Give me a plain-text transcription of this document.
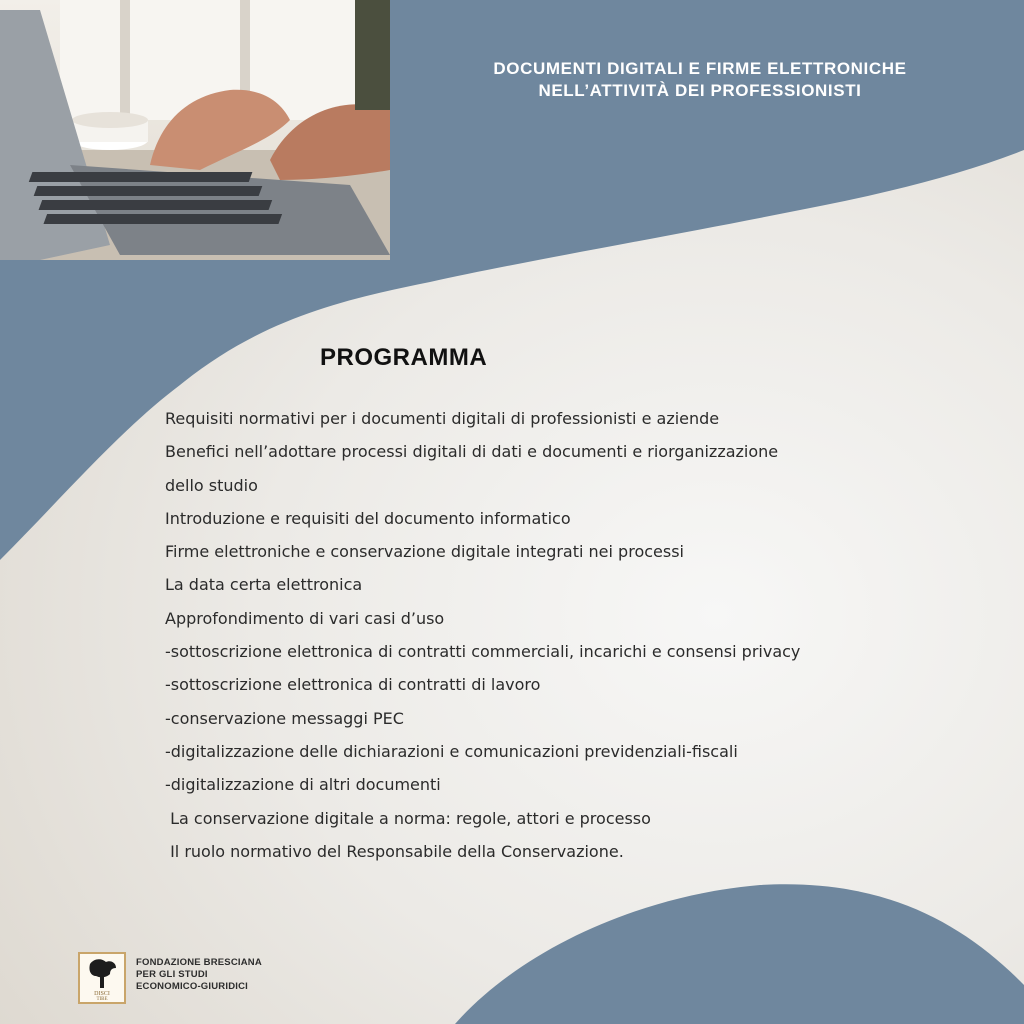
DOCUMENTI DIGITALI E FIRME ELETTRONICHE
NELL’ATTIVITÀ DEI PROFESSIONISTI
PROGRAMMA
Requisiti normativi per i documenti digitali di professionisti e aziende
Benefici nell’adottare processi digitali di dati e documenti e riorganizzazione
dello studio
Introduzione e requisiti del documento informatico
Firme elettroniche e conservazione digitale integrati nei processi
La data certa elettronica
Approfondimento di vari casi d’uso
-sottoscrizione elettronica di contratti commerciali, incarichi e consensi privacy
-sottoscrizione elettronica di contratti di lavoro
-conservazione messaggi PEC
-digitalizzazione delle dichiarazioni e comunicazioni previdenziali-fiscali
-digitalizzazione di altri documenti
La conservazione digitale a norma: regole, attori e processo
Il ruolo normativo del Responsabile della Conservazione.
DISCI
TIBE
FONDAZIONE BRESCIANA
PER GLI STUDI
ECONOMICO-GIURIDICI
